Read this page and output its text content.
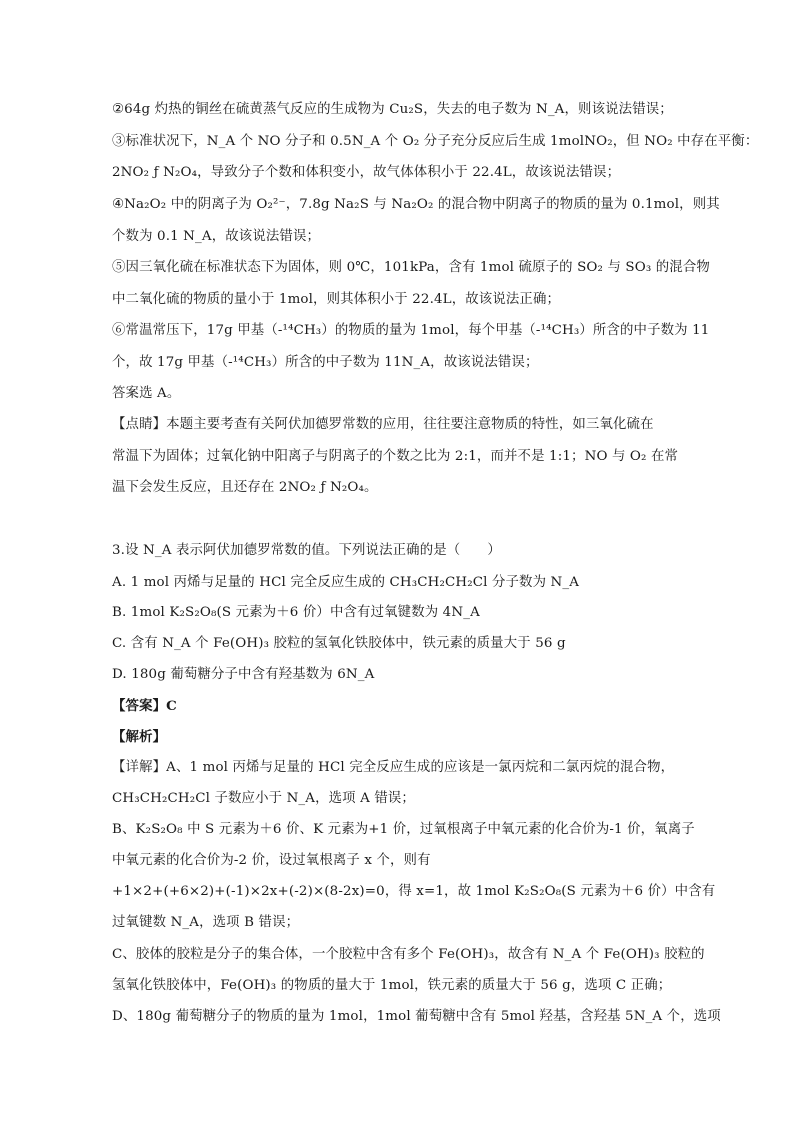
②64g 灼热的铜丝在硫黄蒸气反应的生成物为 Cu₂S，失去的电子数为 N_A，则该说法错误；
③标准状况下，N_A 个 NO 分子和 0.5N_A 个 O₂ 分子充分反应后生成 1molNO₂，但 NO₂ 中存在平衡：
2NO₂ ƒ N₂O₄，导致分子个数和体积变小，故气体体积小于 22.4L，故该说法错误；
④Na₂O₂ 中的阴离子为 O₂²⁻，7.8g Na₂S 与 Na₂O₂ 的混合物中阴离子的物质的量为 0.1mol，则其
个数为 0.1 N_A，故该说法错误；
⑤因三氧化硫在标准状态下为固体，则 0℃，101kPa，含有 1mol 硫原子的 SO₂ 与 SO₃ 的混合物
中二氧化硫的物质的量小于 1mol，则其体积小于 22.4L，故该说法正确；
⑥常温常压下，17g 甲基（-¹⁴CH₃）的物质的量为 1mol，每个甲基（-¹⁴CH₃）所含的中子数为 11
个，故 17g 甲基（-¹⁴CH₃）所含的中子数为 11N_A，故该说法错误；
答案选 A。
【点睛】本题主要考查有关阿伏加德罗常数的应用，往往要注意物质的特性，如三氧化硫在
常温下为固体；过氧化钠中阳离子与阴离子的个数之比为 2:1，而并不是 1:1；NO 与 O₂ 在常
温下会发生反应，且还存在 2NO₂ ƒ N₂O₄。
3.设 N_A 表示阿伏加德罗常数的值。下列说法正确的是（　　）
A. 1 mol 丙烯与足量的 HCl 完全反应生成的 CH₃CH₂CH₂Cl 分子数为 N_A
B. 1mol K₂S₂O₈(S 元素为＋6 价）中含有过氧键数为 4N_A
C. 含有 N_A 个 Fe(OH)₃ 胶粒的氢氧化铁胶体中，铁元素的质量大于 56 g
D. 180g 葡萄糖分子中含有羟基数为 6N_A
【答案】C
【解析】
【详解】A、1 mol 丙烯与足量的 HCl 完全反应生成的应该是一氯丙烷和二氯丙烷的混合物，
CH₃CH₂CH₂Cl 子数应小于 N_A，选项 A 错误；
B、K₂S₂O₈ 中 S 元素为＋6 价、K 元素为+1 价，过氧根离子中氧元素的化合价为-1 价，氧离子
中氧元素的化合价为-2 价，设过氧根离子 x 个，则有
+1×2+(+6×2)+(-1)×2x+(-2)×(8-2x)=0，得 x=1，故 1mol K₂S₂O₈(S 元素为＋6 价）中含有
过氧键数 N_A，选项 B 错误；
C、胶体的胶粒是分子的集合体，一个胶粒中含有多个 Fe(OH)₃，故含有 N_A 个 Fe(OH)₃ 胶粒的
氢氧化铁胶体中，Fe(OH)₃ 的物质的量大于 1mol，铁元素的质量大于 56 g，选项 C 正确；
D、180g 葡萄糖分子的物质的量为 1mol，1mol 葡萄糖中含有 5mol 羟基，含羟基 5N_A 个，选项
